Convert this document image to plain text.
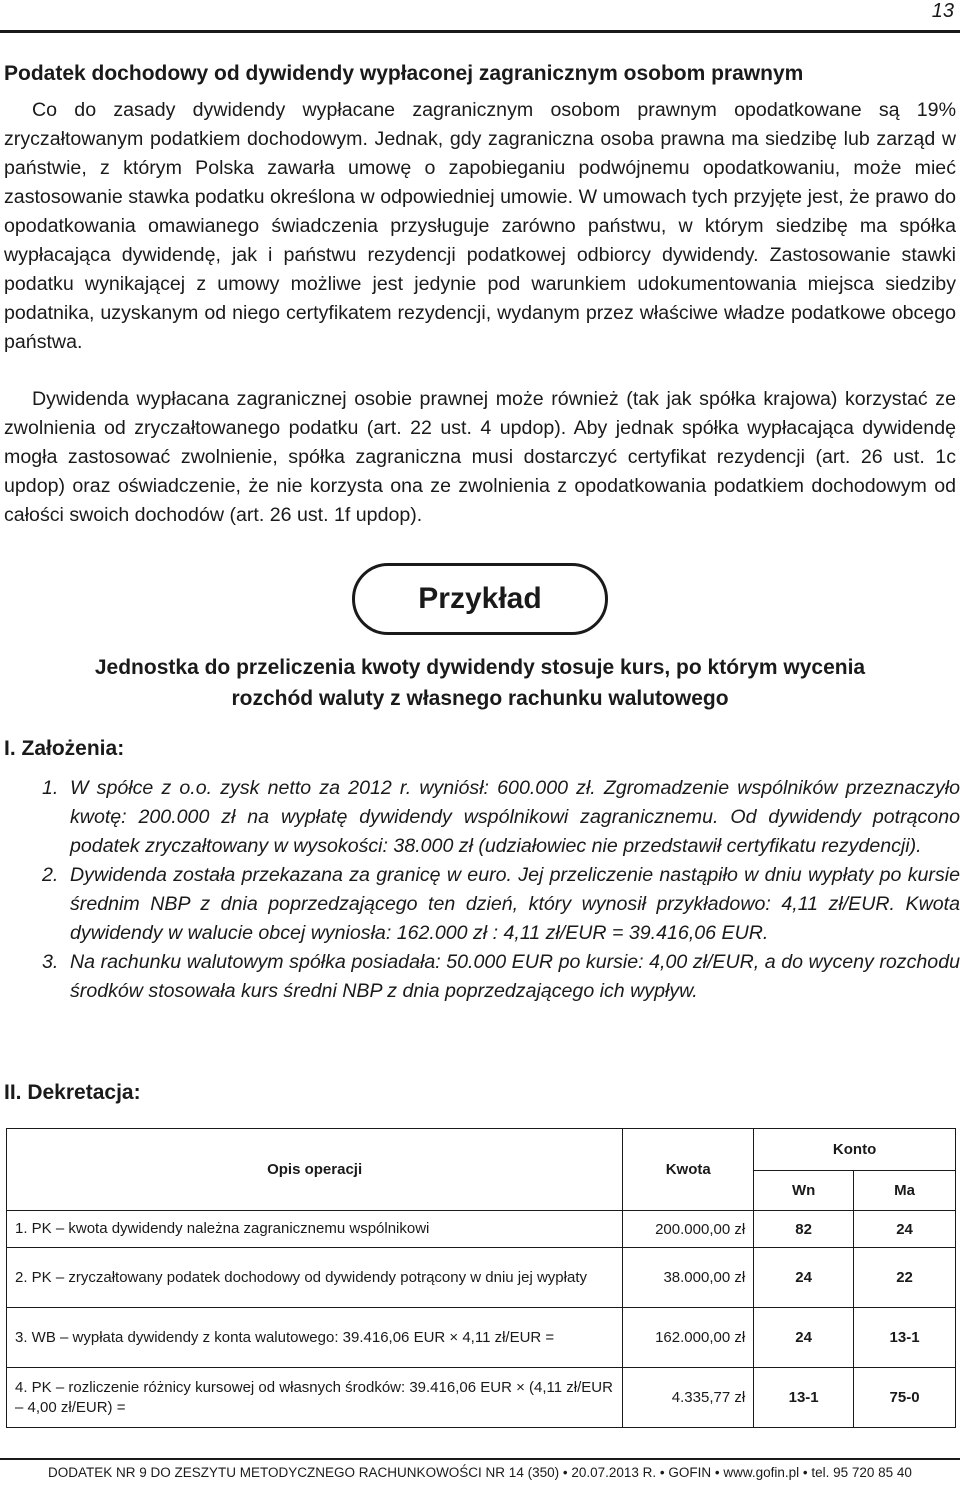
13
Podatek dochodowy od dywidendy wypłaconej zagranicznym osobom prawnym

Co do zasady dywidendy wypłacane zagranicznym osobom prawnym opodatkowane są 19% zryczałtowanym podatkiem dochodowym. Jednak, gdy zagraniczna osoba prawna ma siedzibę lub zarząd w państwie, z którym Polska zawarła umowę o zapobieganiu podwójnemu opodatkowaniu, może mieć zastosowanie stawka podatku określona w odpowiedniej umowie. W umowach tych przyjęte jest, że prawo do opodatkowania omawianego świadczenia przysługuje zarówno państwu, w którym siedzibę ma spółka wypłacająca dywidendę, jak i państwu rezydencji podatkowej odbiorcy dywidendy. Zastosowanie stawki podatku wynikającej z umowy możliwe jest jedynie pod warunkiem udokumentowania miejsca siedziby podatnika, uzyskanym od niego certyfikatem rezydencji, wydanym przez właściwe władze podatkowe obcego państwa.

Dywidenda wypłacana zagranicznej osobie prawnej może również (tak jak spółka krajowa) korzystać ze zwolnienia od zryczałtowanego podatku (art. 22 ust. 4 updop). Aby jednak spółka wypłacająca dywidendę mogła zastosować zwolnienie, spółka zagraniczna musi dostarczyć certyfikat rezydencji (art. 26 ust. 1c updop) oraz oświadczenie, że nie korzysta ona ze zwolnienia z opodatkowania podatkiem dochodowym od całości swoich dochodów (art. 26 ust. 1f updop).

Przykład
Jednostka do przeliczenia kwoty dywidendy stosuje kurs, po którym wycenia
rozchód waluty z własnego rachunku walutowego
I. Założenia:
1. W spółce z o.o. zysk netto za 2012 r. wyniósł: 600.000 zł. Zgromadzenie wspólników przeznaczyło kwotę: 200.000 zł na wypłatę dywidendy wspólnikowi zagranicznemu. Od dywidendy potrącono podatek zryczałtowany w wysokości: 38.000 zł (udziałowiec nie przedstawił certyfikatu rezydencji).
2. Dywidenda została przekazana za granicę w euro. Jej przeliczenie nastąpiło w dniu wypłaty po kursie średnim NBP z dnia poprzedzającego ten dzień, który wynosił przykładowo: 4,11 zł/EUR. Kwota dywidendy w walucie obcej wyniosła: 162.000 zł : 4,11 zł/EUR = 39.416,06 EUR.
3. Na rachunku walutowym spółka posiadała: 50.000 EUR po kursie: 4,00 zł/EUR, a do wyceny rozchodu środków stosowała kurs średni NBP z dnia poprzedzającego ich wypływ.
II. Dekretacja:
Opis operacji	Kwota	Konto	
		Wn	Ma
1. PK – kwota dywidendy należna zagranicznemu wspólnikowi	200.000,00 zł	82	24
2. PK – zryczałtowany podatek dochodowy od dywidendy potrącony w dniu jej wypłaty	38.000,00 zł	24	22
3. WB – wypłata dywidendy z konta walutowego: 39.416,06 EUR × 4,11 zł/EUR =	162.000,00 zł	24	13-1
4. PK – rozliczenie różnicy kursowej od własnych środków: 39.416,06 EUR × (4,11 zł/EUR – 4,00 zł/EUR) =	4.335,77 zł	13-1	75-0
DODATEK NR 9 DO ZESZYTU METODYCZNEGO RACHUNKOWOŚCI NR 14 (350) • 20.07.2013 R. • GOFIN • www.gofin.pl • tel. 95 720 85 40
